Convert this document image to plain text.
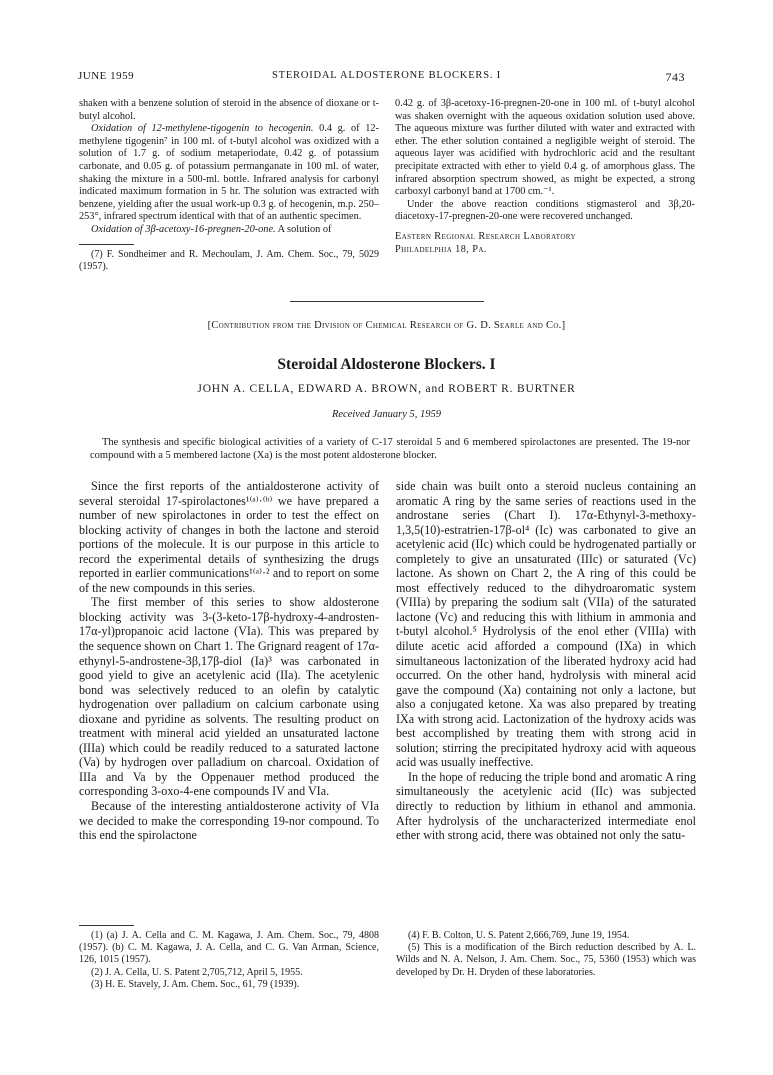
JUNE 1959	STEROIDAL ALDOSTERONE BLOCKERS. I	743

shaken with a benzene solution of steroid in the absence of dioxane or t-butyl alcohol.

Oxidation of 12-methylene-tigogenin to hecogenin. 0.4 g. of 12-methylene tigogenin⁷ in 100 ml. of t-butyl alcohol was oxidized with a solution of 1.7 g. of sodium metaperiodate, 0.42 g. of potassium carbonate, and 0.05 g. of potassium permanganate in 100 ml. of water, shaking the mixture in a 500-ml. bottle. Infrared analysis for carbonyl indicated maximum formation in 5 hr. The solution was extracted with benzene, yielding after the usual work-up 0.3 g. of hecogenin, m.p. 250–253°, infrared spectrum identical with that of an authentic specimen.

Oxidation of 3β-acetoxy-16-pregnen-20-one. A solution of

(7) F. Sondheimer and R. Mechoulam, J. Am. Chem. Soc., 79, 5029 (1957).

0.42 g. of 3β-acetoxy-16-pregnen-20-one in 100 ml. of t-butyl alcohol was shaken overnight with the aqueous oxidation solution used above. The aqueous mixture was further diluted with water and extracted with ether. The ether solution contained a negligible weight of steroid. The aqueous layer was acidified with hydrochloric acid and the resultant precipitate extracted with ether to yield 0.4 g. of amorphous glass. The infrared absorption spectrum showed, as might be expected, a strong carboxyl carbonyl band at 1700 cm.⁻¹.

Under the above reaction conditions stigmasterol and 3β,20-diacetoxy-17-pregnen-20-one were recovered unchanged.

Eastern Regional Research Laboratory

Philadelphia 18, Pa.

[Contribution from the Division of Chemical Research of G. D. Searle and Co.]
Steroidal Aldosterone Blockers. I
JOHN A. CELLA, EDWARD A. BROWN, and ROBERT R. BURTNER
Received January 5, 1959
The synthesis and specific biological activities of a variety of C-17 steroidal 5 and 6 membered spirolactones are presented. The 19-nor compound with a 5 membered lactone (Xa) is the most potent aldosterone blocker.

Since the first reports of the antialdosterone activity of several steroidal 17-spirolactones¹⁽ᵃ⁾·⁽ᵇ⁾ we have prepared a number of new spirolactones in order to test the effect on blocking activity of changes in both the lactone and steroid portions of the molecule. It is our purpose in this article to record the experimental details of synthesizing the drugs reported in earlier communications¹⁽ᵃ⁾·² and to report on some of the new compounds in this series.

The first member of this series to show aldosterone blocking activity was 3-(3-keto-17β-hydroxy-4-androsten-17α-yl)propanoic acid lactone (VIa). This was prepared by the sequence shown on Chart 1. The Grignard reagent of 17α-ethynyl-5-androstene-3β,17β-diol (Ia)³ was carbonated in good yield to give an acetylenic acid (IIa). The acetylenic bond was selectively reduced to an olefin by catalytic hydrogenation over palladium on calcium carbonate using dioxane and pyridine as solvents. The resulting product on treatment with mineral acid yielded an unsaturated lactone (IIIa) which could be readily reduced to a saturated lactone (Va) by hydrogen over palladium on charcoal. Oxidation of IIIa and Va by the Oppenauer method produced the corresponding 3-oxo-4-ene compounds IV and VIa.

Because of the interesting antialdosterone activity of VIa we decided to make the corresponding 19-nor compound. To this end the spirolactone

side chain was built onto a steroid nucleus containing an aromatic A ring by the same series of reactions used in the androstane series (Chart I). 17α-Ethynyl-3-methoxy-1,3,5(10)-estratrien-17β-ol⁴ (Ic) was carbonated to give an acetylenic acid (IIc) which could be hydrogenated partially or completely to give an unsaturated (IIIc) or saturated (Vc) lactone. As shown on Chart 2, the A ring of this could be most effectively reduced to the dihydroaromatic system (VIIIa) by preparing the sodium salt (VIIa) of the saturated lactone (Vc) and reducing this with lithium in ammonia and t-butyl alcohol.⁵ Hydrolysis of the enol ether (VIIIa) with dilute acetic acid afforded a compound (IXa) in which simultaneous lactonization of the liberated hydroxy acid had occurred. On the other hand, hydrolysis with mineral acid gave the compound (Xa) containing not only a lactone, but also a conjugated ketone. Xa was also prepared by treating IXa with strong acid. Lactonization of the hydroxy acids was best accomplished by treating them with strong acid in solution; stirring the precipitated hydroxy acid with aqueous acid was usually ineffective.

In the hope of reducing the triple bond and aromatic A ring simultaneously the acetylenic acid (IIc) was subjected directly to reduction by lithium in ethanol and ammonia. After hydrolysis of the uncharacterized intermediate enol ether with strong acid, there was obtained not only the satu-

(1) (a) J. A. Cella and C. M. Kagawa, J. Am. Chem. Soc., 79, 4808 (1957). (b) C. M. Kagawa, J. A. Cella, and C. G. Van Arman, Science, 126, 1015 (1957).

(2) J. A. Cella, U. S. Patent 2,705,712, April 5, 1955.

(3) H. E. Stavely, J. Am. Chem. Soc., 61, 79 (1939).

(4) F. B. Colton, U. S. Patent 2,666,769, June 19, 1954.

(5) This is a modification of the Birch reduction described by A. L. Wilds and N. A. Nelson, J. Am. Chem. Soc., 75, 5360 (1953) which was developed by Dr. H. Dryden of these laboratories.
